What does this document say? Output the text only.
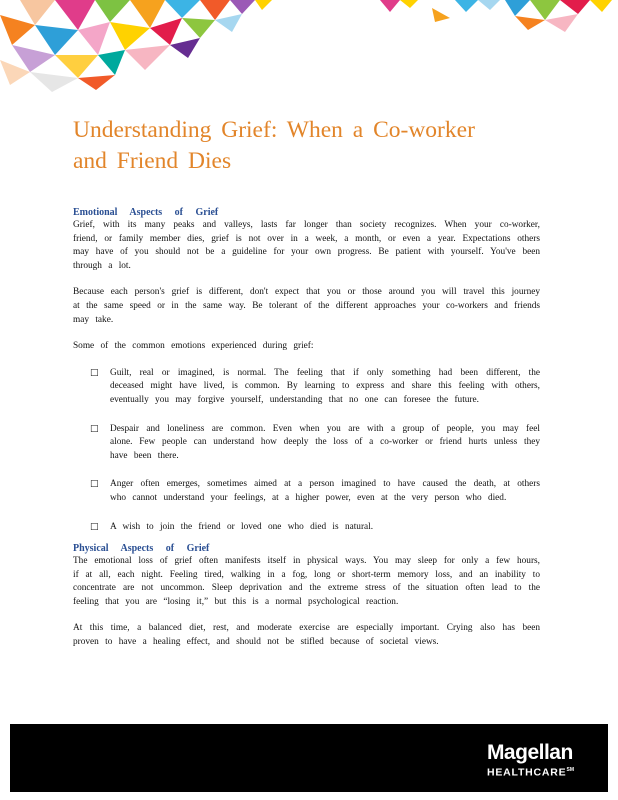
Understanding Grief: When a Co-worker
and Friend Dies
Emotional Aspects of Grief

Grief, with its many peaks and valleys, lasts far longer than society recognizes. When your co-worker, friend, or family member dies, grief is not over in a week, a month, or even a year. Expectations others may have of you should not be a guideline for your own progress. Be patient with yourself. You've been through a lot.

Because each person's grief is different, don't expect that you or those around you will travel this journey at the same speed or in the same way. Be tolerant of the different approaches your co-workers and friends may take.

Some of the common emotions experienced during grief:

□ Guilt, real or imagined, is normal. The feeling that if only something had been different, the deceased might have lived, is common. By learning to express and share this feeling with others, eventually you may forgive yourself, understanding that no one can foresee the future.
□ Despair and loneliness are common. Even when you are with a group of people, you may feel alone. Few people can understand how deeply the loss of a co-worker or friend hurts unless they have been there.
□ Anger often emerges, sometimes aimed at a person imagined to have caused the death, at others who cannot understand your feelings, at a higher power, even at the very person who died.
□ A wish to join the friend or loved one who died is natural.
Physical Aspects of Grief

The emotional loss of grief often manifests itself in physical ways. You may sleep for only a few hours, if at all, each night. Feeling tired, walking in a fog, long or short-term memory loss, and an inability to concentrate are not uncommon. Sleep deprivation and the extreme stress of the situation often lead to the feeling that you are “losing it,” but this is a normal psychological reaction.

At this time, a balanced diet, rest, and moderate exercise are especially important. Crying also has been proven to have a healing effect, and should not be stifled because of societal views.

Magellan
HEALTHCARE℠
